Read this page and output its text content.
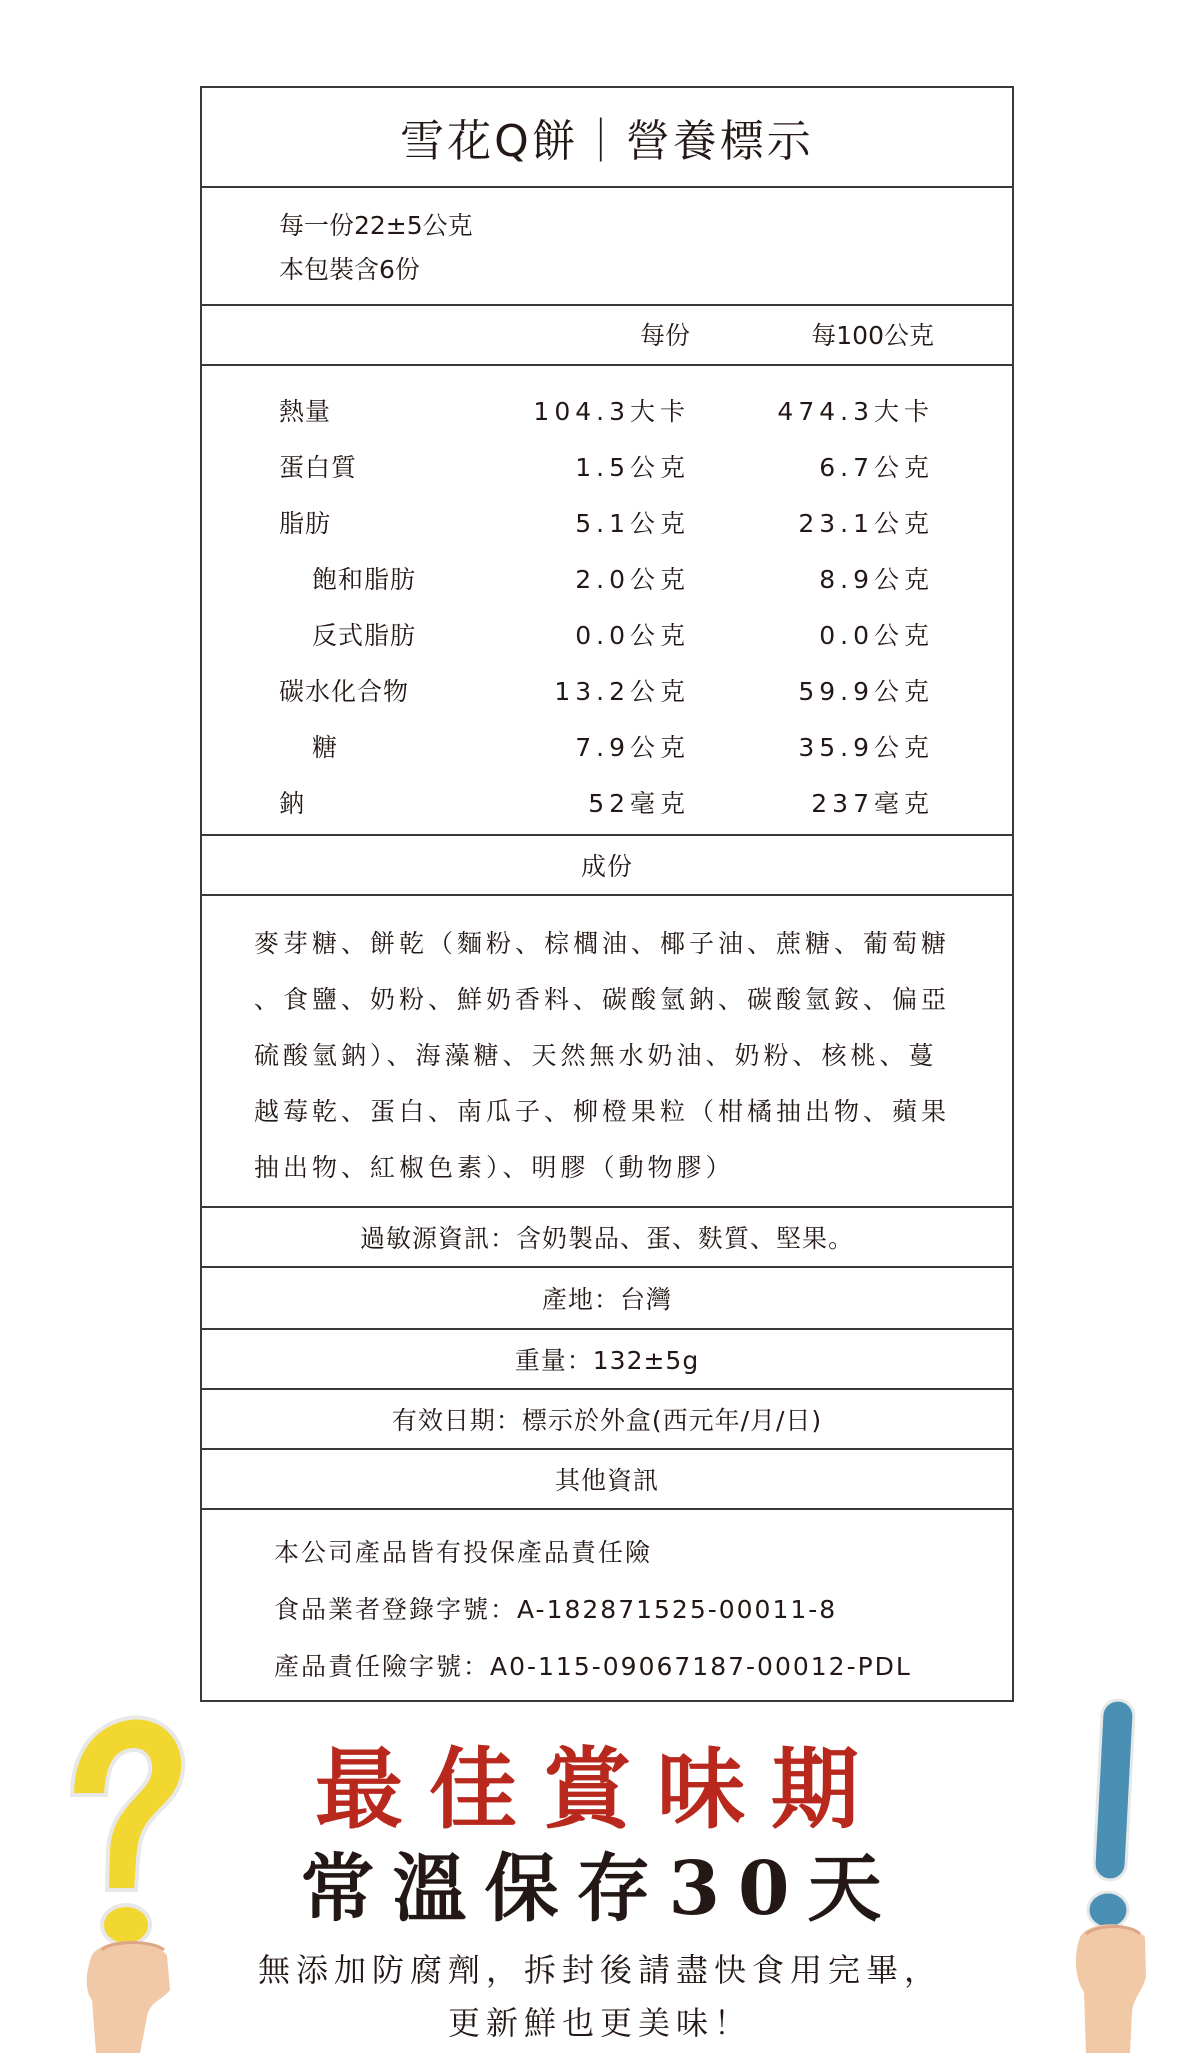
雪花Q餅｜營養標示
每一份22±5公克
本包裝含6份
每份	每100公克
熱量	104.3大卡	474.3大卡
蛋白質	1.5公克	6.7公克
脂肪	5.1公克	23.1公克
飽和脂肪	2.0公克	8.9公克
反式脂肪	0.0公克	0.0公克
碳水化合物	13.2公克	59.9公克
糖	7.9公克	35.9公克
鈉	52毫克	237毫克
成份
麥芽糖、餅乾（麵粉、棕櫚油、椰子油、蔗糖、葡萄糖
、食鹽、奶粉、鮮奶香料、碳酸氫鈉、碳酸氫銨、偏亞
硫酸氫鈉）、海藻糖、天然無水奶油、奶粉、核桃、蔓
越莓乾、蛋白、南瓜子、柳橙果粒（柑橘抽出物、蘋果
抽出物、紅椒色素）、明膠（動物膠）
過敏源資訊：含奶製品、蛋、麩質、堅果。
產地：台灣
重量：132±5g
有效日期：標示於外盒(西元年/月/日)
其他資訊
本公司產品皆有投保產品責任險
食品業者登錄字號：A-182871525-00011-8
產品責任險字號：A0-115-09067187-00012-PDL
最佳賞味期
常溫保存30天
無添加防腐劑，拆封後請盡快食用完畢，
更新鮮也更美味！
